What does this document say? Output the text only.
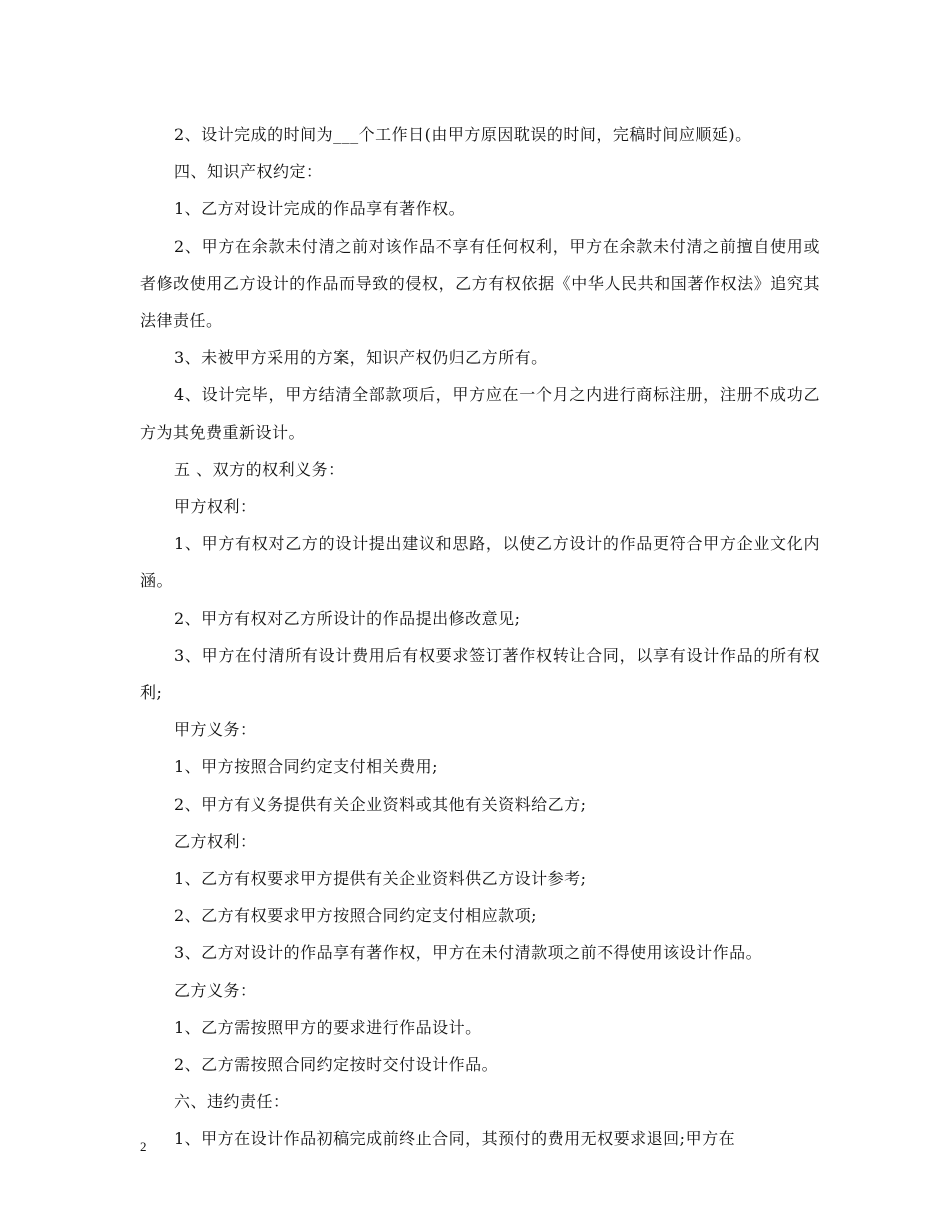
2、设计完成的时间为___个工作日(由甲方原因耽误的时间，完稿时间应顺延)。

四、知识产权约定：

1、乙方对设计完成的作品享有著作权。

2、甲方在余款未付清之前对该作品不享有任何权利，甲方在余款未付清之前擅自使用或者修改使用乙方设计的作品而导致的侵权，乙方有权依据《中华人民共和国著作权法》追究其法律责任。

3、未被甲方采用的方案，知识产权仍归乙方所有。

4、设计完毕，甲方结清全部款项后，甲方应在一个月之内进行商标注册，注册不成功乙方为其免费重新设计。

五 、双方的权利义务：

甲方权利：

1、甲方有权对乙方的设计提出建议和思路，以使乙方设计的作品更符合甲方企业文化内涵。

2、甲方有权对乙方所设计的作品提出修改意见;

3、甲方在付清所有设计费用后有权要求签订著作权转让合同，以享有设计作品的所有权利;

甲方义务：

1、甲方按照合同约定支付相关费用;

2、甲方有义务提供有关企业资料或其他有关资料给乙方;

乙方权利：

1、乙方有权要求甲方提供有关企业资料供乙方设计参考;

2、乙方有权要求甲方按照合同约定支付相应款项;

3、乙方对设计的作品享有著作权，甲方在未付清款项之前不得使用该设计作品。

乙方义务：

1、乙方需按照甲方的要求进行作品设计。

2、乙方需按照合同约定按时交付设计作品。

六、违约责任：

1、甲方在设计作品初稿完成前终止合同，其预付的费用无权要求退回;甲方在

2
